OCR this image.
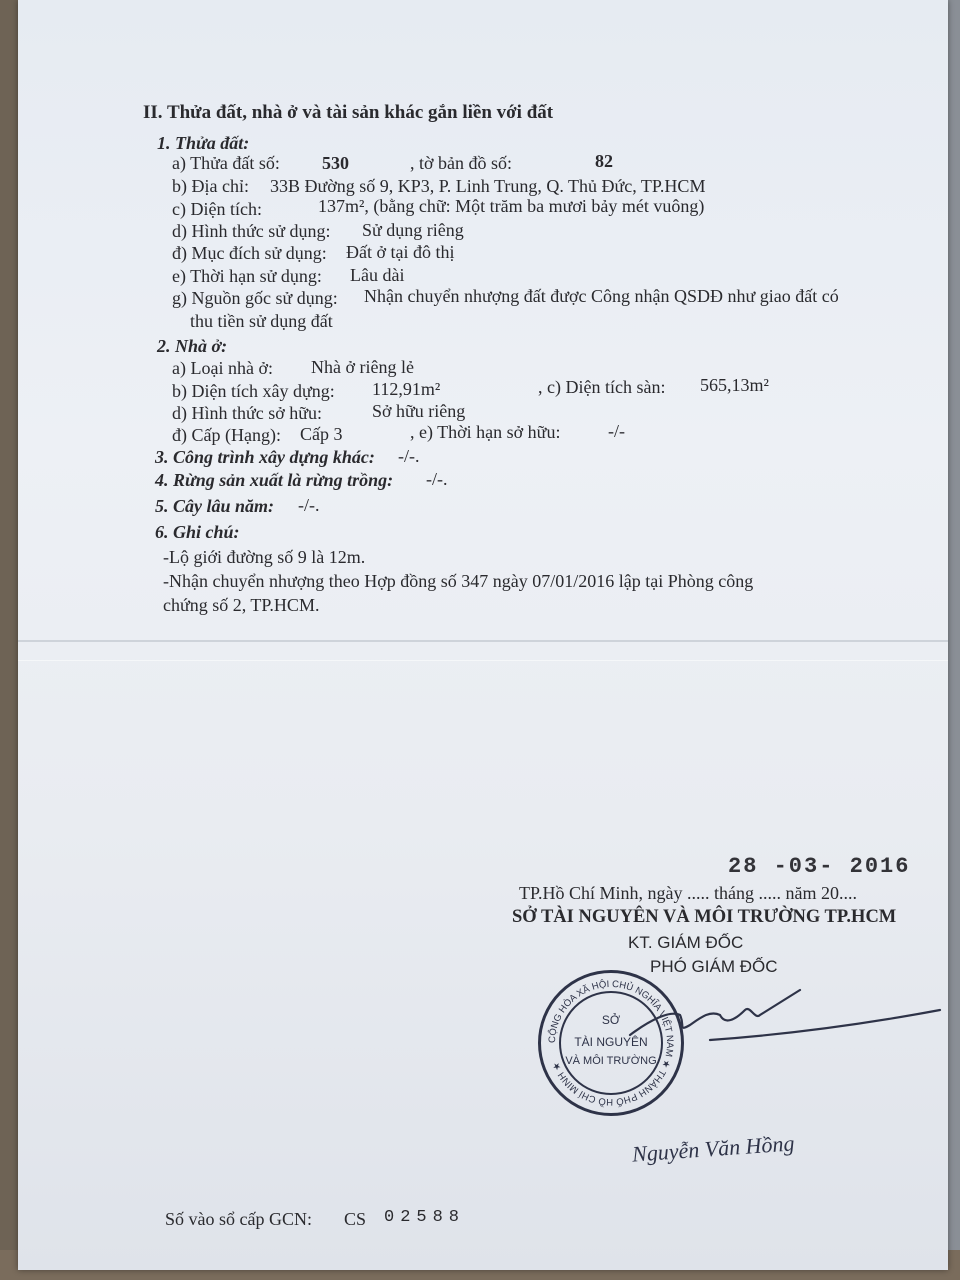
II. Thửa đất, nhà ở và tài sản khác gắn liền với đất
1. Thửa đất:
a) Thửa đất số: 530	, tờ bản đồ số:	82
b) Địa chỉ: 33B Đường số 9, KP3, P. Linh Trung, Q. Thủ Đức, TP.HCM
c) Diện tích:	137m², (bằng chữ: Một trăm ba mươi bảy mét vuông)
d) Hình thức sử dụng: Sử dụng riêng
đ) Mục đích sử dụng: Đất ở tại đô thị
e) Thời hạn sử dụng: Lâu dài
g) Nguồn gốc sử dụng: Nhận chuyển nhượng đất được Công nhận QSDĐ như giao đất có
thu tiền sử dụng đất
2. Nhà ở:
a) Loại nhà ở: Nhà ở riêng lẻ
b) Diện tích xây dựng: 112,91m²	, c) Diện tích sàn: 565,13m²
d) Hình thức sở hữu:	Sở hữu riêng
đ) Cấp (Hạng): Cấp 3	, e) Thời hạn sở hữu:	-/-
3. Công trình xây dựng khác: -/-.
4. Rừng sản xuất là rừng trồng: -/-.
5. Cây lâu năm: -/-.
6. Ghi chú:
-Lộ giới đường số 9 là 12m.
-Nhận chuyển nhượng theo Hợp đồng số 347 ngày 07/01/2016 lập tại Phòng công
chứng số 2, TP.HCM.
28 -03- 2016
TP.Hồ Chí Minh, ngày ..... tháng ..... năm 20....
SỞ TÀI NGUYÊN VÀ MÔI TRƯỜNG TP.HCM
KT. GIÁM ĐỐC
PHÓ GIÁM ĐỐC
CỘNG HÒA XÃ HỘI CHỦ NGHĨA VIỆT NAM ★ THÀNH PHỐ HỒ CHÍ MINH ★
SỞ
TÀI NGUYÊN
VÀ MÔI TRƯỜNG
Nguyễn Văn Hồng
Số vào sổ cấp GCN: CS 02588
